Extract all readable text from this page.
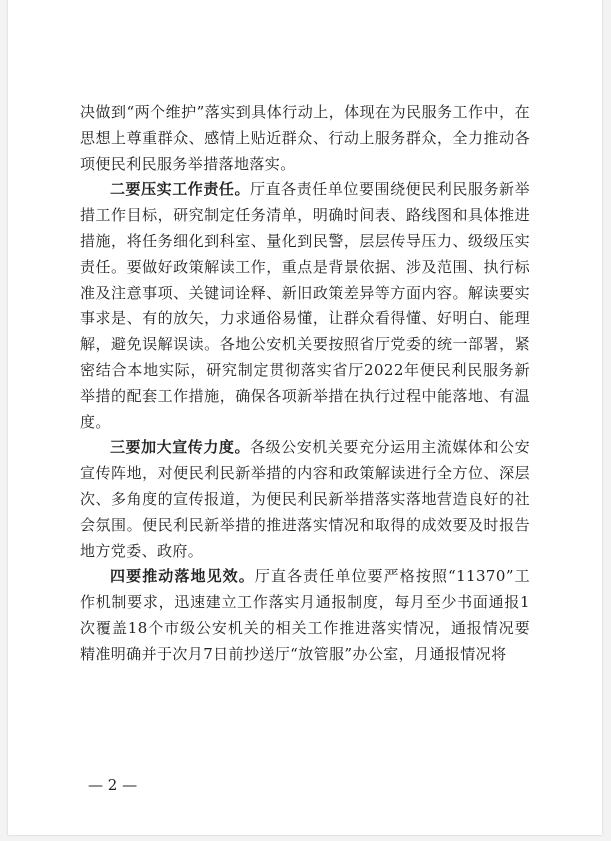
决做到“两个维护”落实到具体行动上，体现在为民服务工作中，在思想上尊重群众、感情上贴近群众、行动上服务群众，全力推动各项便民利民服务举措落地落实。

二要压实工作责任。厅直各责任单位要围绕便民利民服务新举措工作目标，研究制定任务清单，明确时间表、路线图和具体推进措施，将任务细化到科室、量化到民警，层层传导压力、级级压实责任。要做好政策解读工作，重点是背景依据、涉及范围、执行标准及注意事项、关键词诠释、新旧政策差异等方面内容。解读要实事求是、有的放矢，力求通俗易懂，让群众看得懂、好明白、能理解，避免误解误读。各地公安机关要按照省厅党委的统一部署，紧密结合本地实际，研究制定贯彻落实省厅2022年便民利民服务新举措的配套工作措施，确保各项新举措在执行过程中能落地、有温度。

三要加大宣传力度。各级公安机关要充分运用主流媒体和公安宣传阵地，对便民利民新举措的内容和政策解读进行全方位、深层次、多角度的宣传报道，为便民利民新举措落实落地营造良好的社会氛围。便民利民新举措的推进落实情况和取得的成效要及时报告地方党委、政府。

四要推动落地见效。厅直各责任单位要严格按照“11370”工作机制要求，迅速建立工作落实月通报制度，每月至少书面通报1次覆盖18个市级公安机关的相关工作推进落实情况，通报情况要精准明确并于次月7日前抄送厅“放管服”办公室，月通报情况将

— 2 —
